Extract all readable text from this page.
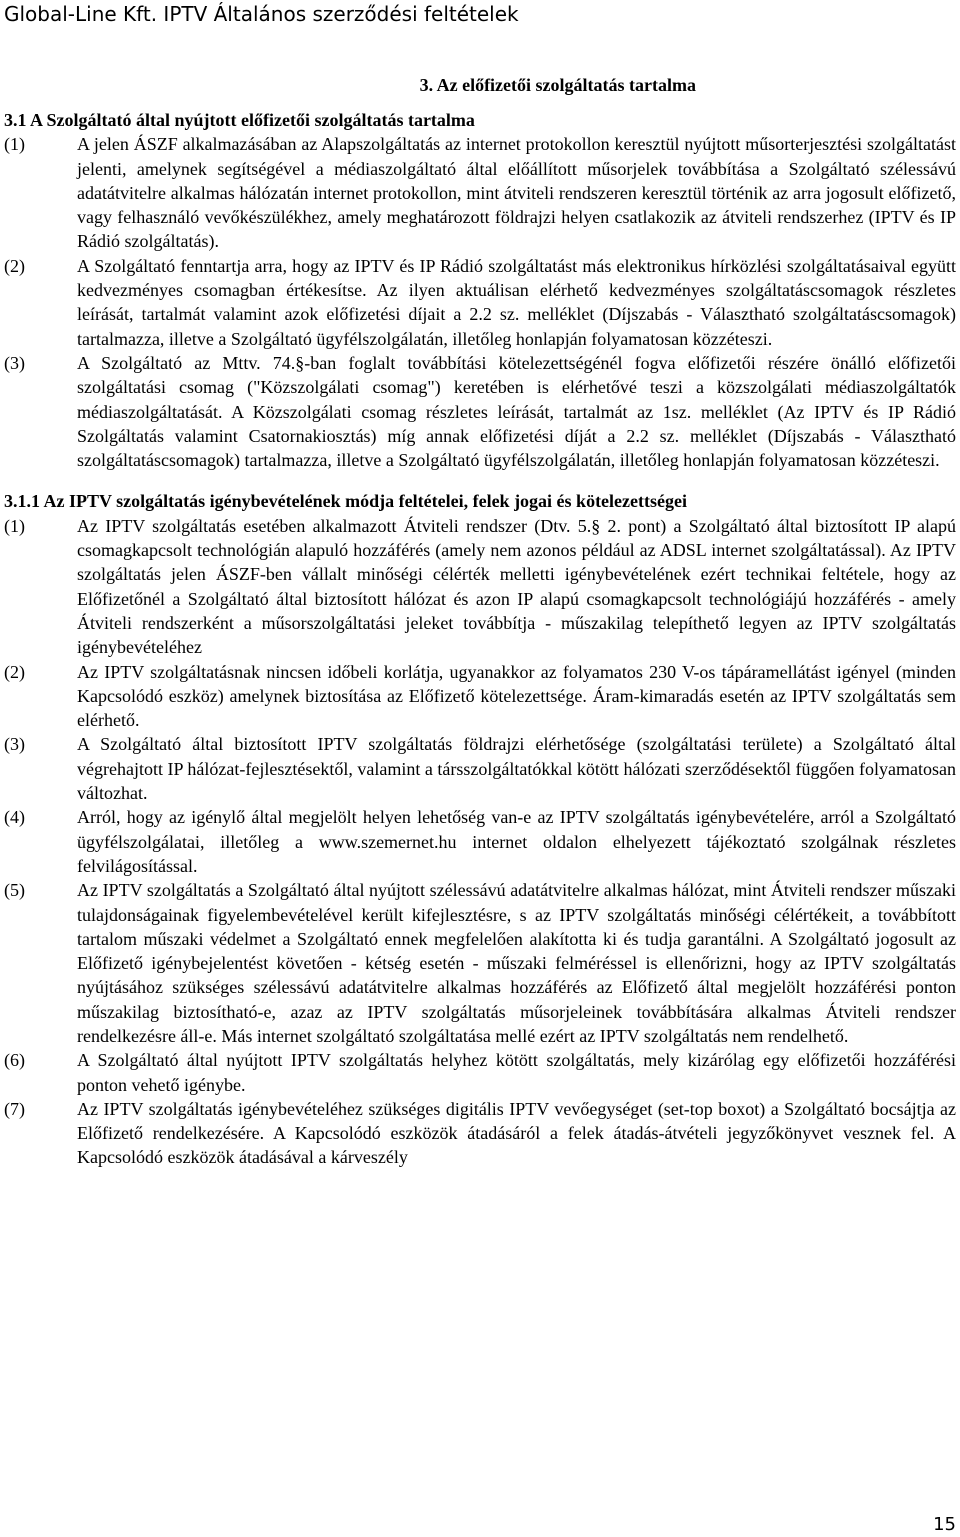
Global-Line Kft. IPTV Általános szerződési feltételek
3. Az előfizetői szolgáltatás tartalma
3.1 A Szolgáltató által nyújtott előfizetői szolgáltatás tartalma
(1)	A jelen ÁSZF alkalmazásában az Alapszolgáltatás az internet protokollon keresztül nyújtott műsorterjesztési szolgáltatást jelenti, amelynek segítségével a médiaszolgáltató által előállított műsorjelek továbbítása a Szolgáltató szélessávú adatátvitelre alkalmas hálózatán internet protokollon, mint átviteli rendszeren keresztül történik az arra jogosult előfizető, vagy felhasználó vevőkészülékhez, amely meghatározott földrajzi helyen csatlakozik az átviteli rendszerhez (IPTV és IP Rádió szolgáltatás).
(2)	A Szolgáltató fenntartja arra, hogy az IPTV és IP Rádió szolgáltatást más elektronikus hírközlési szolgáltatásaival együtt kedvezményes csomagban értékesítse. Az ilyen aktuálisan elérhető kedvezményes szolgáltatáscsomagok részletes leírását, tartalmát valamint azok előfizetési díjait a 2.2 sz. melléklet (Díjszabás - Választható szolgáltatáscsomagok) tartalmazza, illetve a Szolgáltató ügyfélszolgálatán, illetőleg honlapján folyamatosan közzéteszi.
(3)	A Szolgáltató az Mttv. 74.§-ban foglalt továbbítási kötelezettségénél fogva előfizetői részére önálló előfizetői szolgáltatási csomag ("Közszolgálati csomag") keretében is elérhetővé teszi a közszolgálati médiaszolgáltatók médiaszolgáltatását. A Közszolgálati csomag részletes leírását, tartalmát az 1sz. melléklet (Az IPTV és IP Rádió Szolgáltatás valamint Csatornakiosztás) míg annak előfizetési díját a 2.2 sz. melléklet (Díjszabás - Választható szolgáltatáscsomagok) tartalmazza, illetve a Szolgáltató ügyfélszolgálatán, illetőleg honlapján folyamatosan közzéteszi.
3.1.1 Az IPTV szolgáltatás igénybevételének módja feltételei, felek jogai és kötelezettségei
(1)	Az IPTV szolgáltatás esetében alkalmazott Átviteli rendszer (Dtv. 5.§ 2. pont) a Szolgáltató által biztosított IP alapú csomagkapcsolt technológián alapuló hozzáférés (amely nem azonos például az ADSL internet szolgáltatással). Az IPTV szolgáltatás jelen ÁSZF-ben vállalt minőségi célérték melletti igénybevételének ezért technikai feltétele, hogy az Előfizetőnél a Szolgáltató által biztosított hálózat és azon IP alapú csomagkapcsolt technológiájú hozzáférés - amely Átviteli rendszerként a műsorszolgáltatási jeleket továbbítja - műszakilag telepíthető legyen az IPTV szolgáltatás igénybevételéhez
(2)	Az IPTV szolgáltatásnak nincsen időbeli korlátja, ugyanakkor az folyamatos 230 V-os tápáramellátást igényel (minden Kapcsolódó eszköz) amelynek biztosítása az Előfizető kötelezettsége. Áram-kimaradás esetén az IPTV szolgáltatás sem elérhető.
(3)	A Szolgáltató által biztosított IPTV szolgáltatás földrajzi elérhetősége (szolgáltatási területe) a Szolgáltató által végrehajtott IP hálózat-fejlesztésektől, valamint a társszolgáltatókkal kötött hálózati szerződésektől függően folyamatosan változhat.
(4)	Arról, hogy az igénylő által megjelölt helyen lehetőség van-e az IPTV szolgáltatás igénybevételére, arról a Szolgáltató ügyfélszolgálatai, illetőleg a www.szemernet.hu internet oldalon elhelyezett tájékoztató szolgálnak részletes felvilágosítással.
(5)	Az IPTV szolgáltatás a Szolgáltató által nyújtott szélessávú adatátvitelre alkalmas hálózat, mint Átviteli rendszer műszaki tulajdonságainak figyelembevételével került kifejlesztésre, s az IPTV szolgáltatás minőségi célértékeit, a továbbított tartalom műszaki védelmet a Szolgáltató ennek megfelelően alakította ki és tudja garantálni. A Szolgáltató jogosult az Előfizető igénybejelentést követően - kétség esetén - műszaki felméréssel is ellenőrizni, hogy az IPTV szolgáltatás nyújtásához szükséges szélessávú adatátvitelre alkalmas hozzáférés az Előfizető által megjelölt hozzáférési ponton műszakilag biztosítható-e, azaz az IPTV szolgáltatás műsorjeleinek továbbítására alkalmas Átviteli rendszer rendelkezésre áll-e. Más internet szolgáltató szolgáltatása mellé ezért az IPTV szolgáltatás nem rendelhető.
(6)	A Szolgáltató által nyújtott IPTV szolgáltatás helyhez kötött szolgáltatás, mely kizárólag egy előfizetői hozzáférési ponton vehető igénybe.
(7)	Az IPTV szolgáltatás igénybevételéhez szükséges digitális IPTV vevőegységet (set-top boxot) a Szolgáltató bocsájtja az Előfizető rendelkezésére. A Kapcsolódó eszközök átadásáról a felek átadás-átvételi jegyzőkönyvet vesznek fel. A Kapcsolódó eszközök átadásával a kárveszély
15
